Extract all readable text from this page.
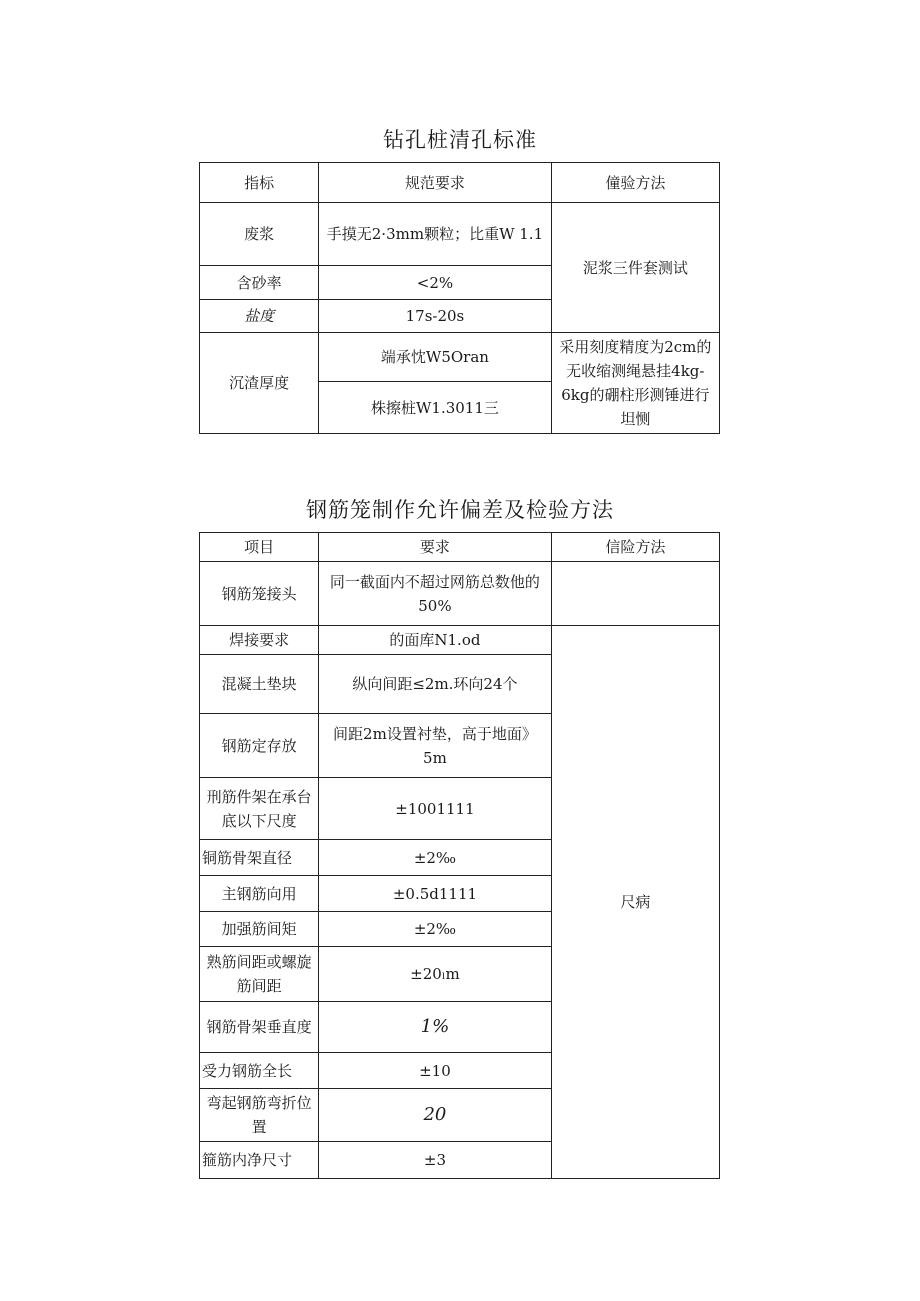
钻孔桩清孔标准
指标	规范要求	僮验方法
废浆	手摸无2·3mm颗粒；比重W 1.1	泥浆三件套测试
含砂率	<2%	
盐度	17s-20s	
沉渣厚度	端承忱W5Oran	采用刻度精度为2cm的无收缩测绳悬挂4kg-6kg的硼柱形测锤进行坦恻
	株擦桩W1.3011三	
钢筋笼制作允许偏差及检验方法
项目	要求	信险方法
钢筋笼接头	同一截面内不超过网筋总数他的50%	
焊接要求	的面库N1.od	尺病
混凝土垫块	纵向间距≤2m.环向24个	
钢筋定存放	间距2m设置衬垫，高于地面》5m	
刑筋件架在承台底以下尺度	±1001111	
铜筋骨架直径	±2‰	
主钢筋向用	±0.5d1111	
加强筋间矩	±2‰	
熟筋间距或螺旋筋间距	±20ₗm	
钢筋骨架垂直度	1%	
受力钢筋全长	±10	
弯起钢筋弯折位置	20	
箍筋内净尺寸	±3	
